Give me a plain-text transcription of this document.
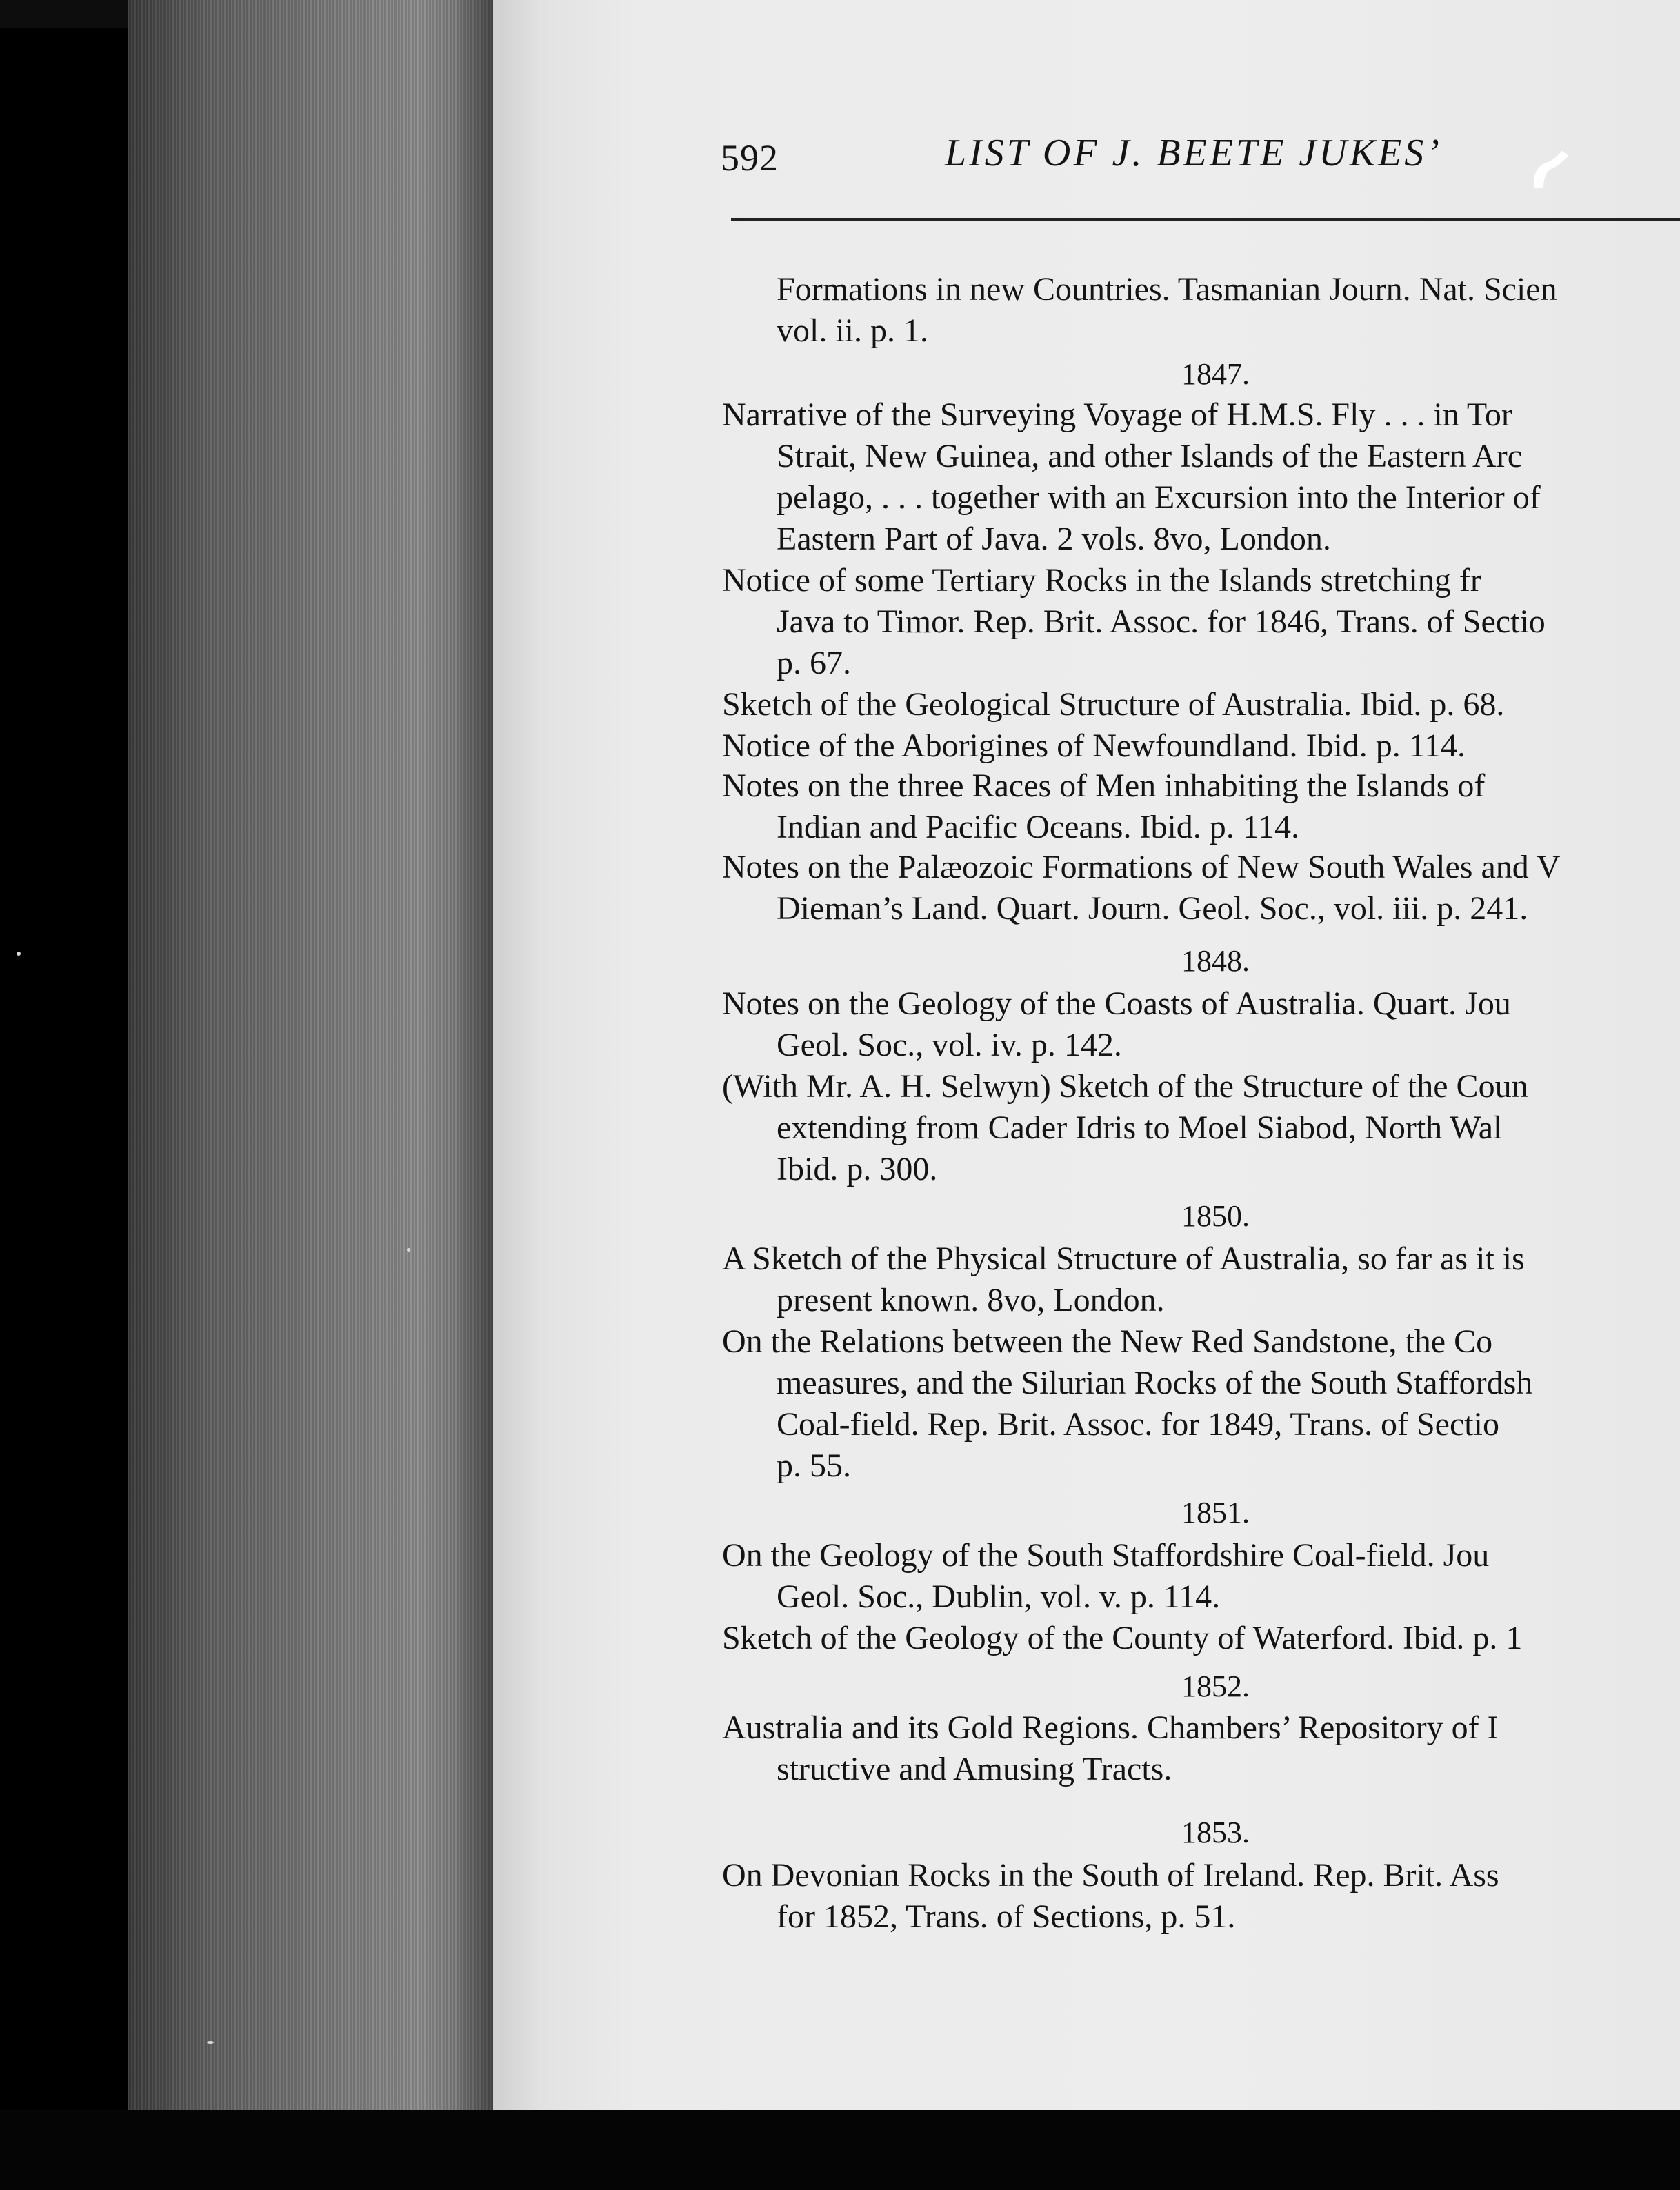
592	LIST OF J. BEETE JUKES’
Formations in new Countries. Tasmanian Journ. Nat. Scien
vol. ii. p. 1.
1847.
Narrative of the Surveying Voyage of H.M.S. Fly . . . in Tor
Strait, New Guinea, and other Islands of the Eastern Arc
pelago, . . . together with an Excursion into the Interior of
Eastern Part of Java. 2 vols. 8vo, London.
Notice of some Tertiary Rocks in the Islands stretching fr
Java to Timor. Rep. Brit. Assoc. for 1846, Trans. of Sectio
p. 67.
Sketch of the Geological Structure of Australia. Ibid. p. 68.
Notice of the Aborigines of Newfoundland. Ibid. p. 114.
Notes on the three Races of Men inhabiting the Islands of
Indian and Pacific Oceans. Ibid. p. 114.
Notes on the Palæozoic Formations of New South Wales and V
Dieman’s Land. Quart. Journ. Geol. Soc., vol. iii. p. 241.
1848.
Notes on the Geology of the Coasts of Australia. Quart. Jou
Geol. Soc., vol. iv. p. 142.
(With Mr. A. H. Selwyn) Sketch of the Structure of the Coun
extending from Cader Idris to Moel Siabod, North Wal
Ibid. p. 300.
1850.
A Sketch of the Physical Structure of Australia, so far as it is
present known. 8vo, London.
On the Relations between the New Red Sandstone, the Co
measures, and the Silurian Rocks of the South Staffordsh
Coal-field. Rep. Brit. Assoc. for 1849, Trans. of Sectio
p. 55.
1851.
On the Geology of the South Staffordshire Coal-field. Jou
Geol. Soc., Dublin, vol. v. p. 114.
Sketch of the Geology of the County of Waterford. Ibid. p. 1
1852.
Australia and its Gold Regions. Chambers’ Repository of I
structive and Amusing Tracts.
1853.
On Devonian Rocks in the South of Ireland. Rep. Brit. Ass
for 1852, Trans. of Sections, p. 51.
